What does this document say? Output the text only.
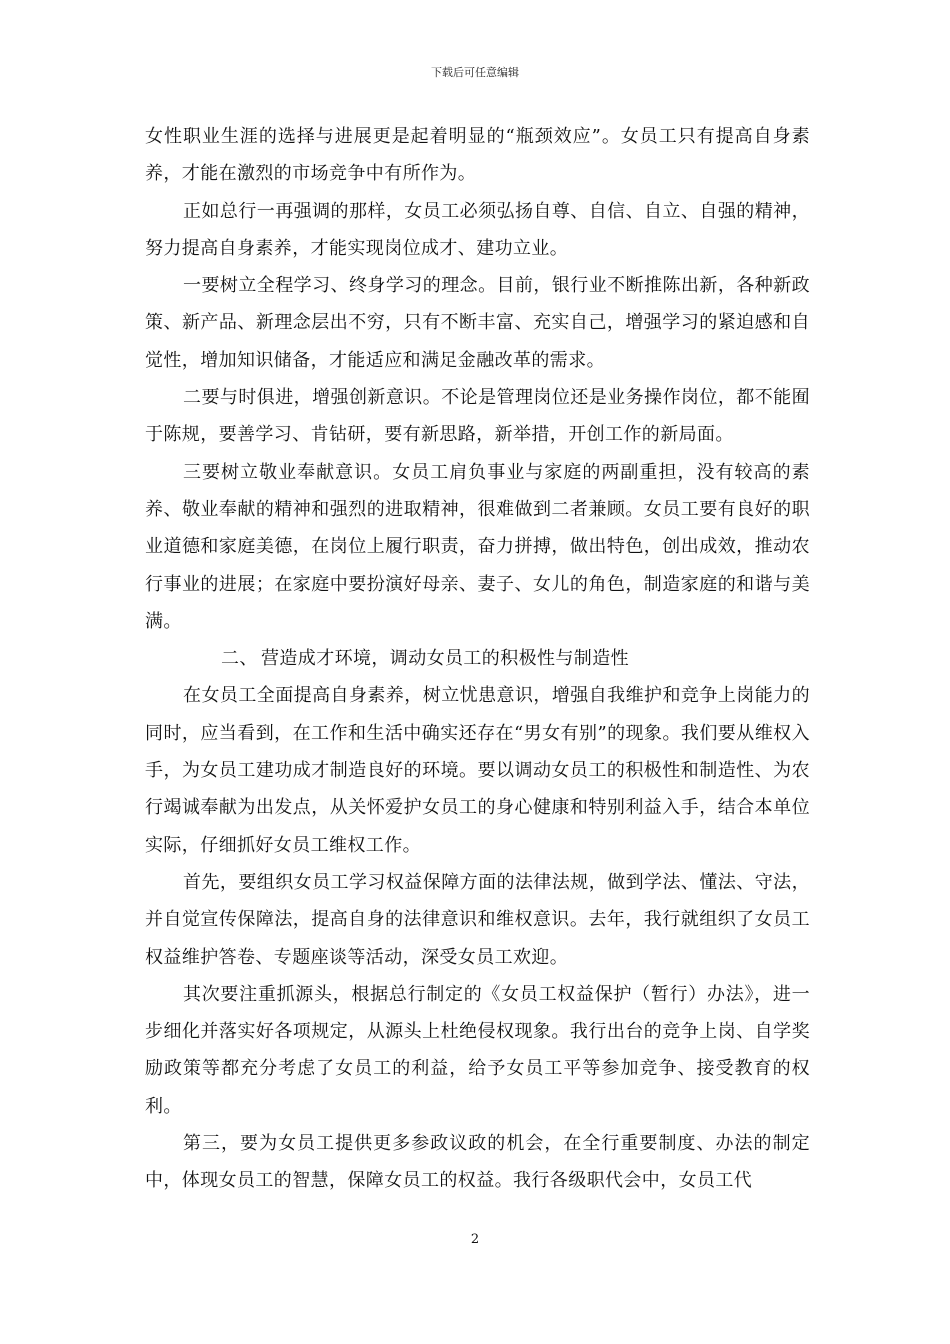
下载后可任意编辑

女性职业生涯的选择与进展更是起着明显的“瓶颈效应”。女员工只有提高自身素养，才能在激烈的市场竞争中有所作为。

正如总行一再强调的那样，女员工必须弘扬自尊、自信、自立、自强的精神，努力提高自身素养，才能实现岗位成才、建功立业。

一要树立全程学习、终身学习的理念。目前，银行业不断推陈出新，各种新政策、新产品、新理念层出不穷，只有不断丰富、充实自己，增强学习的紧迫感和自觉性，增加知识储备，才能适应和满足金融改革的需求。

二要与时俱进，增强创新意识。不论是管理岗位还是业务操作岗位，都不能囿于陈规，要善学习、肯钻研，要有新思路，新举措，开创工作的新局面。

三要树立敬业奉献意识。女员工肩负事业与家庭的两副重担，没有较高的素养、敬业奉献的精神和强烈的进取精神，很难做到二者兼顾。女员工要有良好的职业道德和家庭美德，在岗位上履行职责，奋力拼搏，做出特色，创出成效，推动农行事业的进展；在家庭中要扮演好母亲、妻子、女儿的角色，制造家庭的和谐与美满。

二、 营造成才环境，调动女员工的积极性与制造性

在女员工全面提高自身素养，树立忧患意识，增强自我维护和竞争上岗能力的同时，应当看到，在工作和生活中确实还存在“男女有别”的现象。我们要从维权入手，为女员工建功成才制造良好的环境。要以调动女员工的积极性和制造性、为农行竭诚奉献为出发点，从关怀爱护女员工的身心健康和特别利益入手，结合本单位实际，仔细抓好女员工维权工作。

首先，要组织女员工学习权益保障方面的法律法规，做到学法、懂法、守法，并自觉宣传保障法，提高自身的法律意识和维权意识。去年，我行就组织了女员工权益维护答卷、专题座谈等活动，深受女员工欢迎。

其次要注重抓源头，根据总行制定的《女员工权益保护（暂行）办法》，进一步细化并落实好各项规定，从源头上杜绝侵权现象。我行出台的竞争上岗、自学奖励政策等都充分考虑了女员工的利益，给予女员工平等参加竞争、接受教育的权利。

第三，要为女员工提供更多参政议政的机会，在全行重要制度、办法的制定中，体现女员工的智慧，保障女员工的权益。我行各级职代会中，女员工代

2
